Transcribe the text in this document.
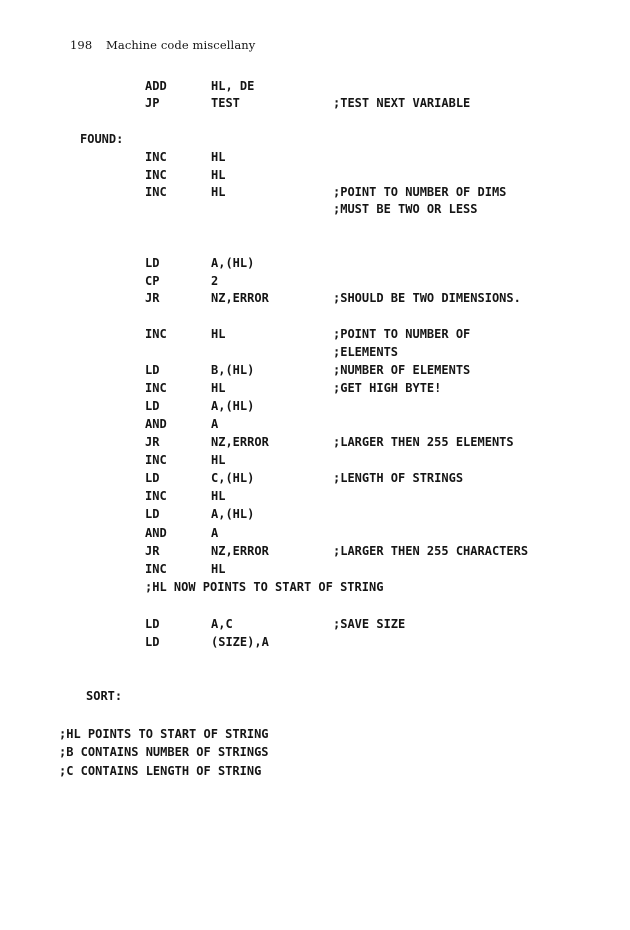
198 Machine code miscellany
ADD	HL, DE
JP	TEST	;TEST NEXT VARIABLE
FOUND:
INC	HL
INC	HL
INC	HL	;POINT TO NUMBER OF DIMS
;MUST BE TWO OR LESS
LD	A,(HL)
CP	2
JR	NZ,ERROR	;SHOULD BE TWO DIMENSIONS.
INC	HL	;POINT TO NUMBER OF
;ELEMENTS
LD	B,(HL)	;NUMBER OF ELEMENTS
INC	HL	;GET HIGH BYTE!
LD	A,(HL)
AND	A
JR	NZ,ERROR	;LARGER THEN 255 ELEMENTS
INC	HL
LD	C,(HL)	;LENGTH OF STRINGS
INC	HL
LD	A,(HL)
AND	A
JR	NZ,ERROR	;LARGER THEN 255 CHARACTERS
INC	HL
;HL NOW POINTS TO START OF STRING
LD	A,C	;SAVE SIZE
LD	(SIZE),A
SORT:
;HL POINTS TO START OF STRING
;B CONTAINS NUMBER OF STRINGS
;C CONTAINS LENGTH OF STRING
